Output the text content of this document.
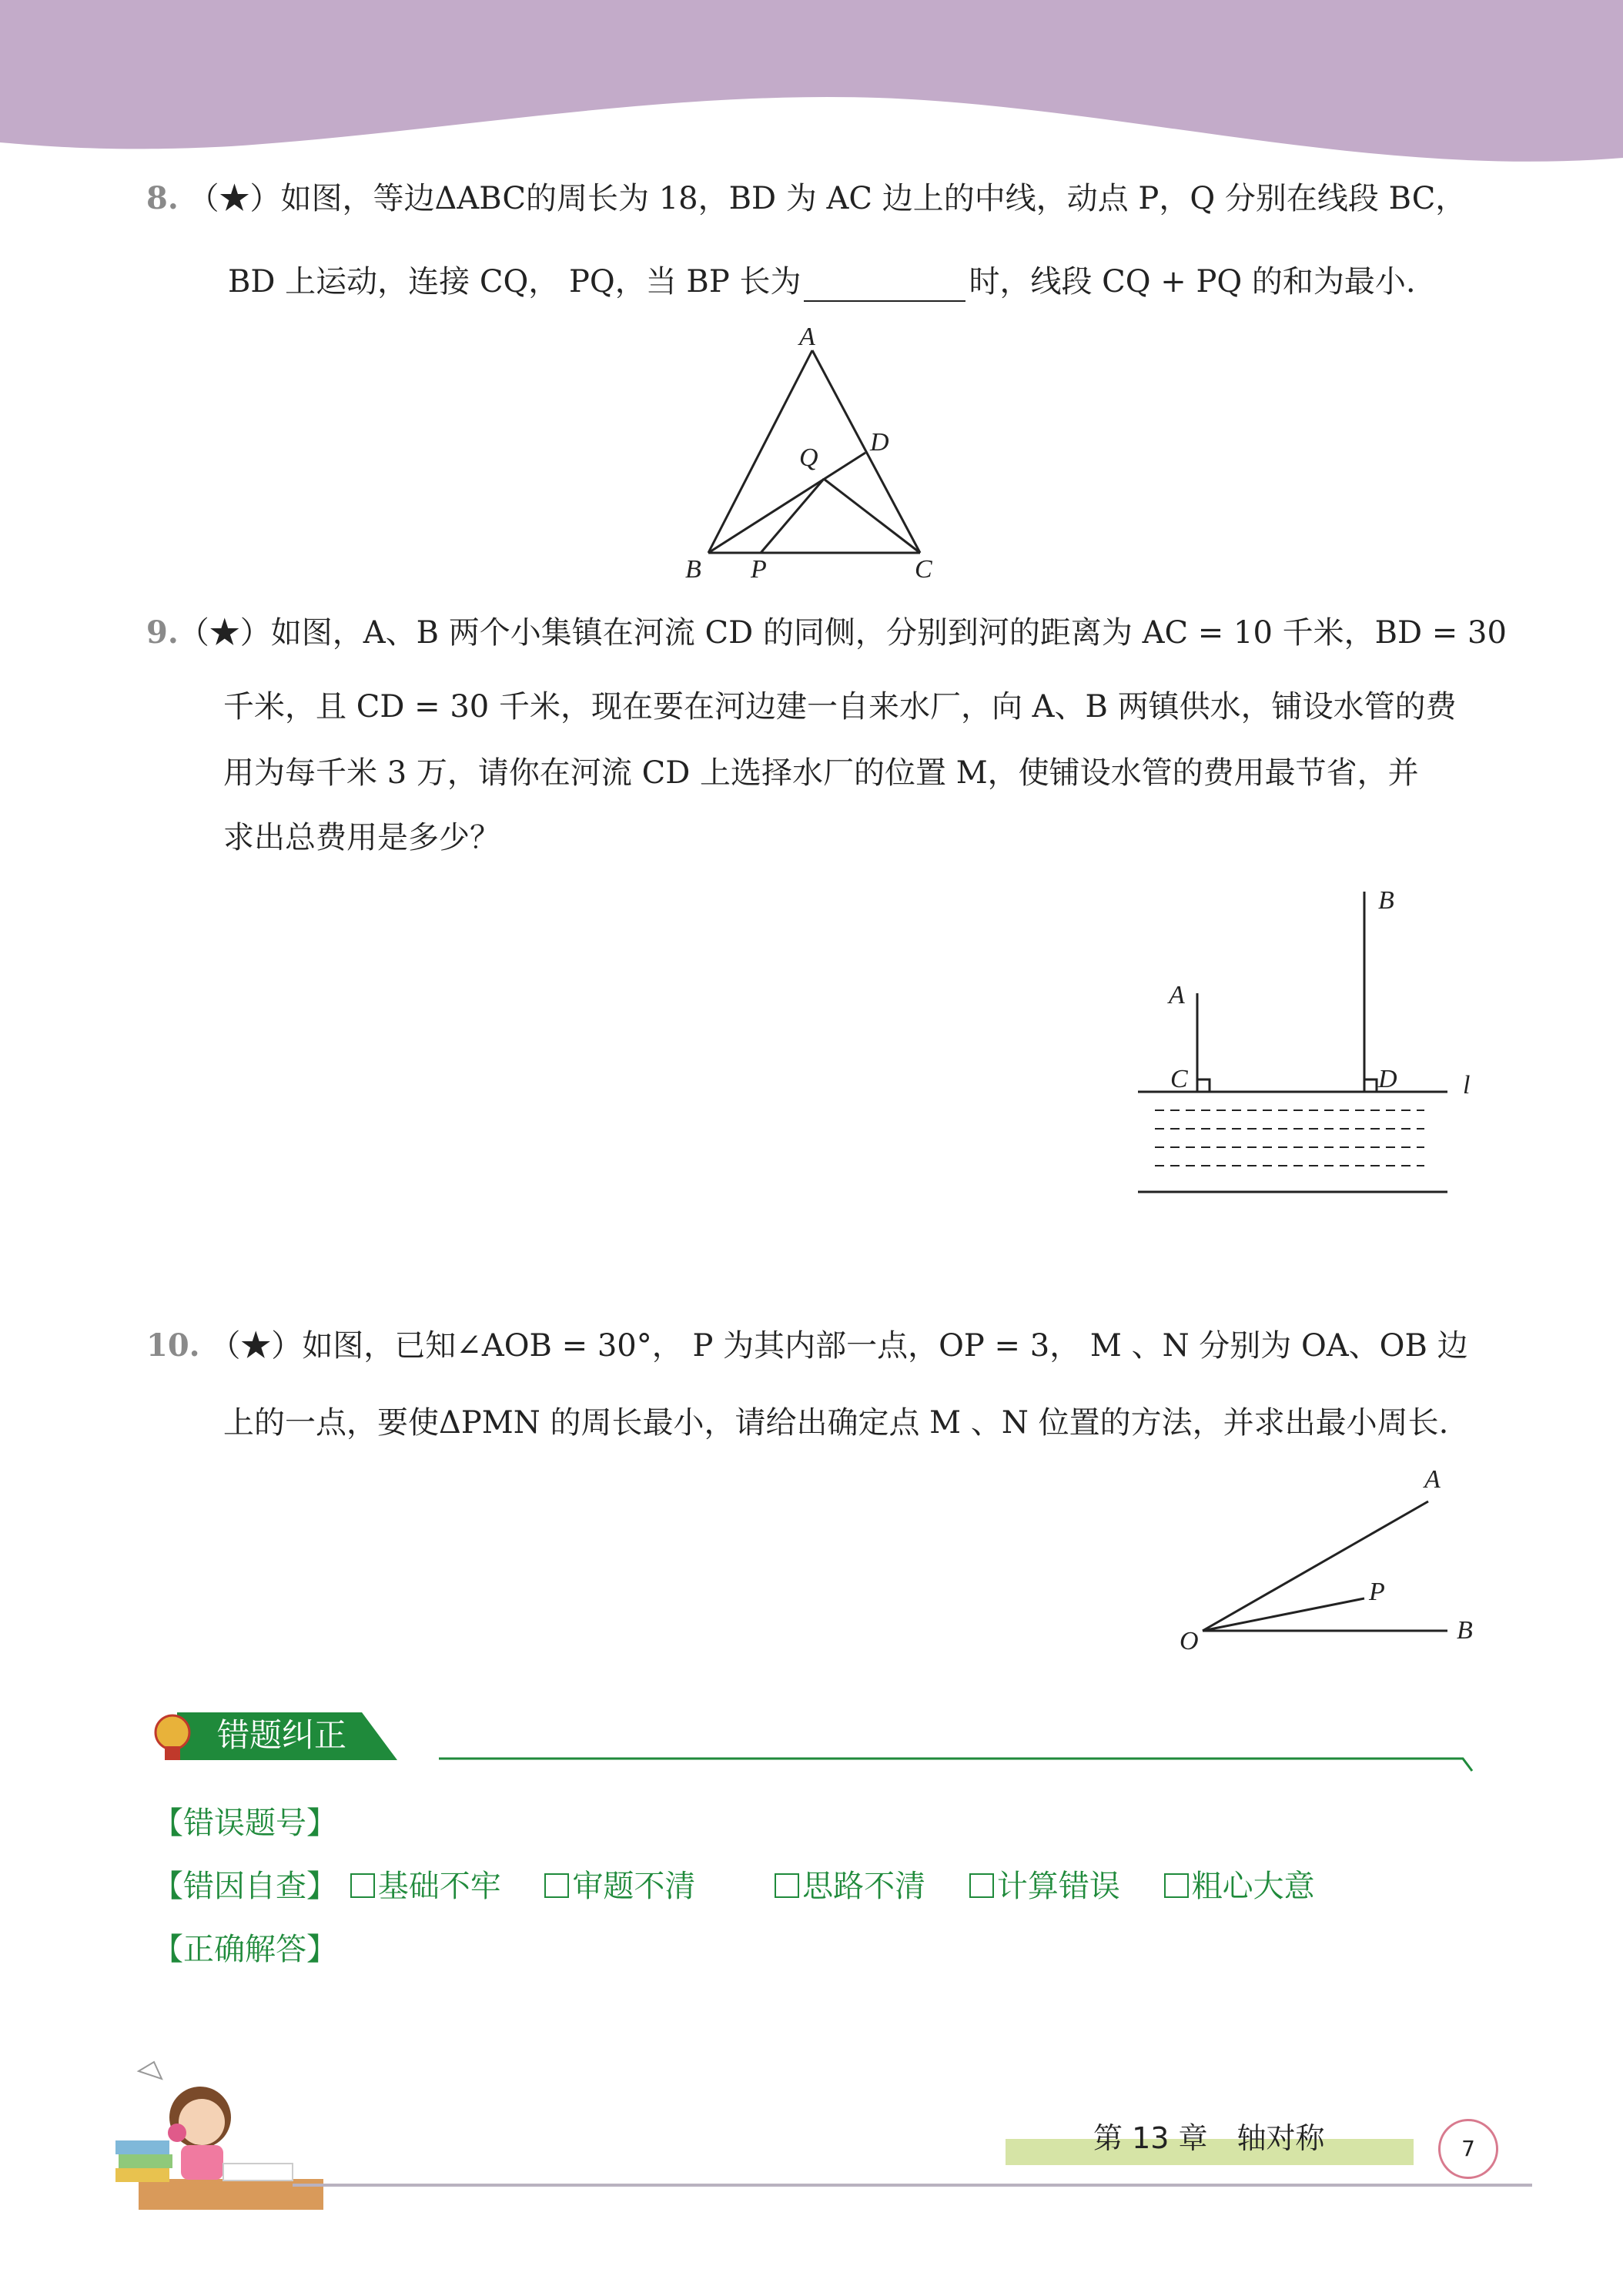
8. （★）如图，等边ΔABC的周长为 18，BD 为 AC 边上的中线，动点 P，Q 分别在线段 BC，
BD 上运动，连接 CQ， PQ，当 BP 长为	时，线段 CQ + PQ 的和为最小.
A
B	C
D
Q
P
9.（★）如图，A、B 两个小集镇在河流 CD 的同侧，分别到河的距离为 AC = 10 千米，BD = 30
千米，且 CD = 30 千米，现在要在河边建一自来水厂，向 A、B 两镇供水，铺设水管的费
用为每千米 3 万，请你在河流 CD 上选择水厂的位置 M，使铺设水管的费用最节省，并
求出总费用是多少？
A
B
C	D	l
10. （★）如图，已知∠AOB = 30°， P 为其内部一点，OP = 3， M 、N 分别为 OA、OB 边
上的一点，要使ΔPMN 的周长最小，请给出确定点 M 、N 位置的方法，并求出最小周长.
A
B
O
P
错题纠正
【错误题号】
【错因自查】 基础不牢 审题不清	思路不清 计算错误 粗心大意
【正确解答】
第 13 章　轴对称	7
